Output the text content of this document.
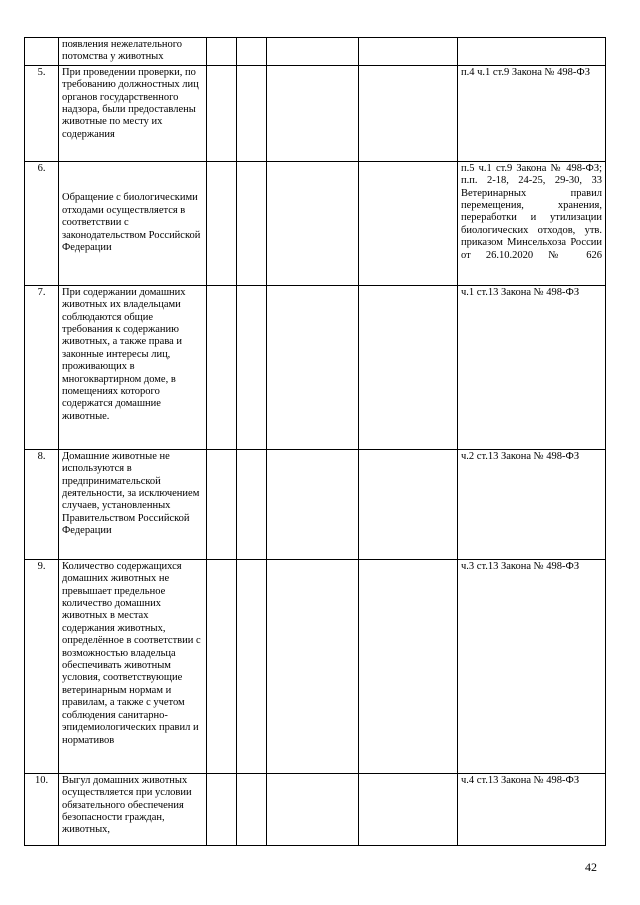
	появления нежелательного потомства у животных					
5.	При проведении проверки, по требованию должностных лиц органов государственного надзора, были предоставлены животные по месту их содержания					п.4 ч.1 ст.9 Закона № 498-ФЗ
6.	Обращение с биологическими отходами осуществляется в соответствии с законодательством Российской Федерации					п.5 ч.1 ст.9 Закона № 498-ФЗ; п.п. 2-18, 24-25, 29-30, 33 Ветеринарных правил перемещения, хранения, переработки и утилизации биологических отходов, утв. приказом Минсельхоза России от 26.10.2020 № 626
7.	При содержании домашних животных их владельцами соблюдаются общие требования к содержанию животных, а также права и законные интересы лиц, проживающих в многоквартирном доме, в помещениях которого содержатся домашние животные.					ч.1 ст.13 Закона № 498-ФЗ
8.	Домашние животные не используются в предпринимательской деятельности, за исключением случаев, установленных Правительством Российской Федерации					ч.2 ст.13 Закона № 498-ФЗ
9.	Количество содержащихся домашних животных не превышает предельное количество домашних животных в местах содержания животных, определённое в соответствии с возможностью владельца обеспечивать животным условия, соответствующие ветеринарным нормам и правилам, а также с учетом соблюдения санитарно-эпидемиологических правил и нормативов					ч.3 ст.13 Закона № 498-ФЗ
10.	Выгул домашних животных осуществляется при условии обязательного обеспечения безопасности граждан, животных,					ч.4 ст.13 Закона № 498-ФЗ
42
